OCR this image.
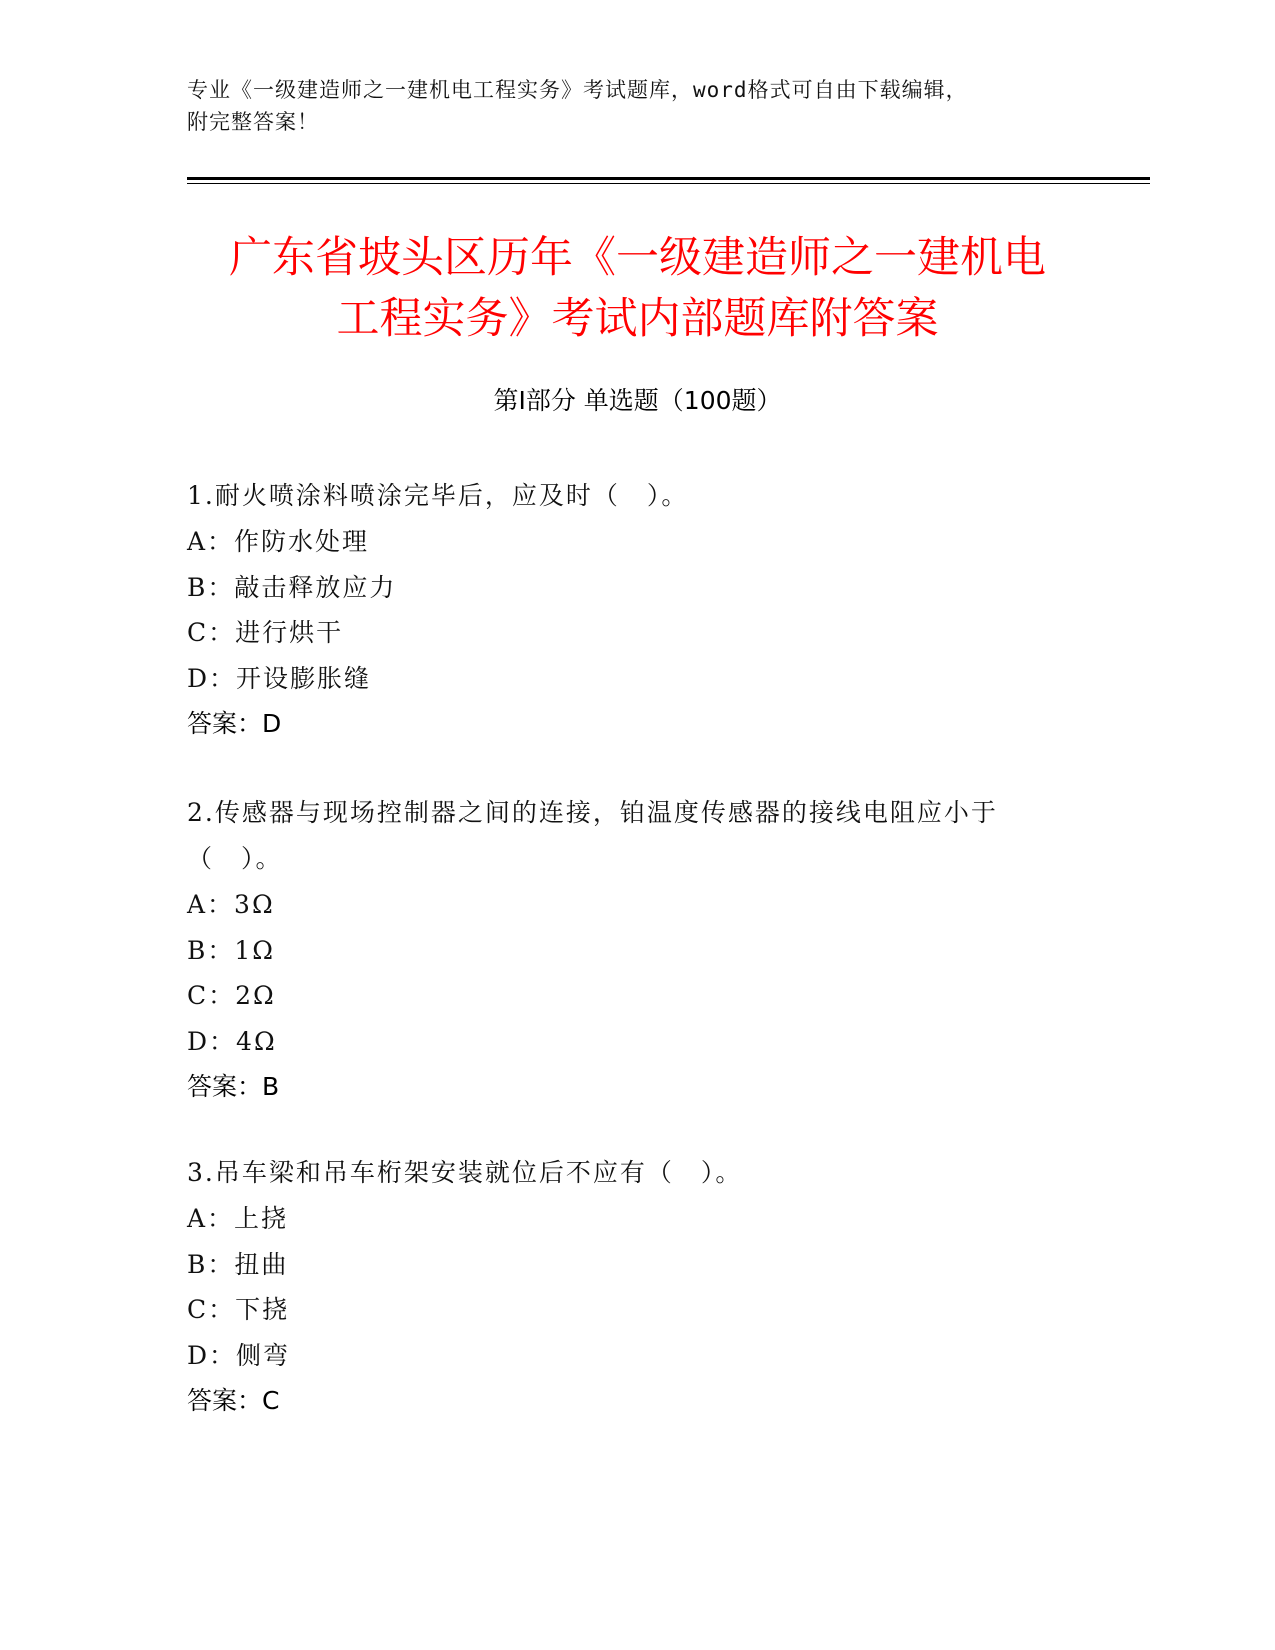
专业《一级建造师之一建机电工程实务》考试题库，word格式可自由下载编辑，
附完整答案！
广东省坡头区历年《一级建造师之一建机电
工程实务》考试内部题库附答案
第Ⅰ部分 单选题（100题）
1.耐火喷涂料喷涂完毕后，应及时（　）。
A：作防水处理
B：敲击释放应力
C：进行烘干
D：开设膨胀缝
答案：D
2.传感器与现场控制器之间的连接，铂温度传感器的接线电阻应小于
（　）。
A：3Ω
B：1Ω
C：2Ω
D：4Ω
答案：B
3.吊车梁和吊车桁架安装就位后不应有（　）。
A：上挠
B：扭曲
C：下挠
D：侧弯
答案：C
